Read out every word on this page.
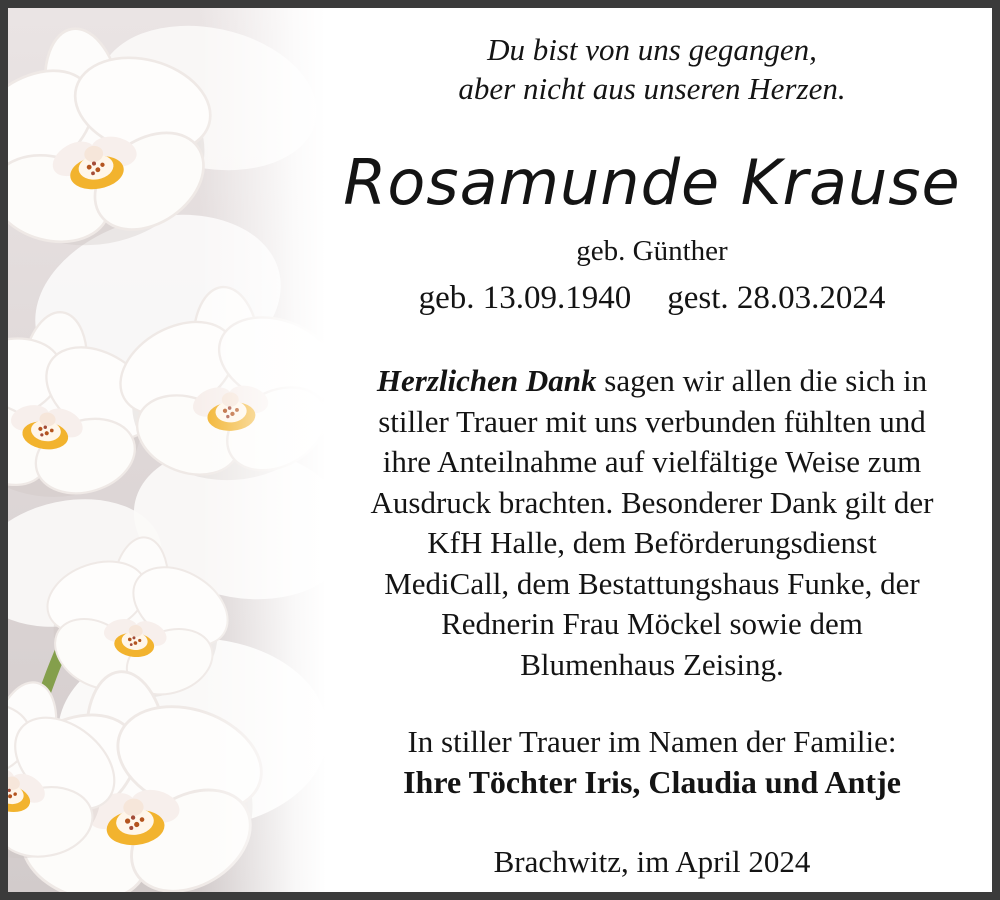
Du bist von uns gegangen,
aber nicht aus unseren Herzen.
Rosamunde Krause
geb. Günther
geb. 13.09.1940 gest. 28.03.2024
Herzlichen Dank sagen wir allen die sich in
stiller Trauer mit uns verbunden fühlten und
ihre Anteilnahme auf vielfältige Weise zum
Ausdruck brachten. Besonderer Dank gilt der
KfH Halle, dem Beförderungsdienst
MediCall, dem Bestattungshaus Funke, der
Rednerin Frau Möckel sowie dem
Blumenhaus Zeising.
In stiller Trauer im Namen der Familie:
Ihre Töchter Iris, Claudia und Antje
Brachwitz, im April 2024
